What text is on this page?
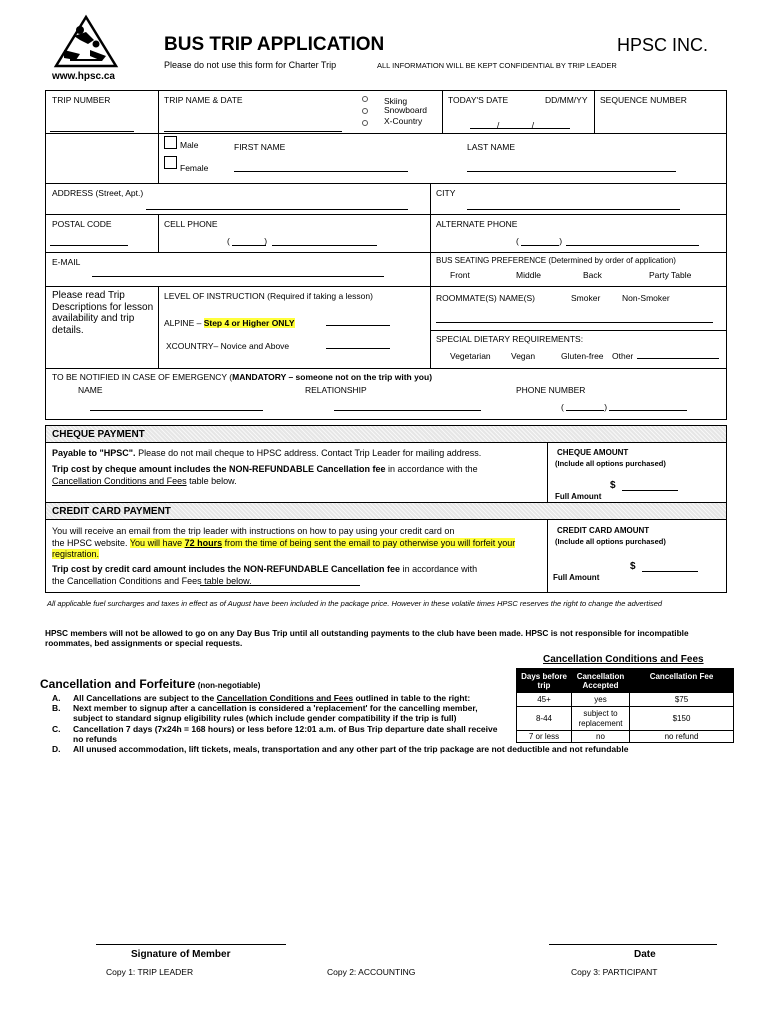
www.hpsc.ca
BUS TRIP APPLICATION	HPSC INC.
Please do not use this form for Charter Trip	ALL INFORMATION WILL BE KEPT CONFIDENTIAL BY TRIP LEADER
TRIP NUMBER	TRIP NAME & DATE	Skiing
Snowboard
X-Country
TODAY'S DATE	DD/MM/YY
/ /
SEQUENCE NUMBER
Male
Female
FIRST NAME	LAST NAME
ADDRESS (Street, Apt.)	CITY
POSTAL CODE	CELL PHONE
( )
ALTERNATE PHONE
( )
E-MAIL	BUS SEATING PREFERENCE (Determined by order of application)
Front	Middle	Back	Party Table
Please read Trip Descriptions for lesson availability and trip details.
LEVEL OF INSTRUCTION (Required if taking a lesson)
ALPINE – Step 4 or Higher ONLY
XCOUNTRY– Novice and Above
ROOMMATE(S) NAME(S)	Smoker	Non-Smoker
SPECIAL DIETARY REQUIREMENTS:
Vegetarian Vegan	Gluten-free Other
TO BE NOTIFIED IN CASE OF EMERGENCY (MANDATORY – someone not on the trip with you)
NAME	RELATIONSHIP	PHONE NUMBER
( )
CHEQUE PAYMENT
Payable to "HPSC". Please do not mail cheque to HPSC address. Contact Trip Leader for mailing address.
Trip cost by cheque amount includes the NON-REFUNDABLE Cancellation fee in accordance with the
Cancellation Conditions and Fees table below.
CHEQUE AMOUNT
(Include all options purchased)
$
Full Amount
CREDIT CARD PAYMENT
You will receive an email from the trip leader with instructions on how to pay using your credit card on
the HPSC website. You will have 72 hours from the time of being sent the email to pay otherwise you will forfeit your
registration.
Trip cost by credit card amount includes the NON-REFUNDABLE Cancellation fee in accordance with
the Cancellation Conditions and Fees table below.
CREDIT CARD AMOUNT
(Include all options purchased)
$
Full Amount
All applicable fuel surcharges and taxes in effect as of August have been included in the package price. However in these volatile times HPSC reserves the right to change the advertised
HPSC members will not be allowed to go on any Day Bus Trip until all outstanding payments to the club have been made. HPSC is not responsible for incompatible
roommates, bed assignments or special requests.
Cancellation Conditions and Fees
Days before trip	Cancellation Accepted	Cancellation Fee
45+	yes	$75
8-44	subject to replacement	$150
7 or less	no	no refund
Cancellation and Forfeiture (non-negotiable)
A. All Cancellations are subject to the Cancellation Conditions and Fees outlined in table to the right:
B. Next member to signup after a cancellation is considered a 'replacement' for the cancelling member,
subject to standard signup eligibility rules (which include gender compatibility if the trip is full)
C. Cancellation 7 days (7x24h = 168 hours) or less before 12:01 a.m. of Bus Trip departure date shall receive
no refunds
D. All unused accommodation, lift tickets, meals, transportation and any other part of the trip package are not deductible and not refundable
Signature of Member	Date
Copy 1: TRIP LEADER	Copy 2: ACCOUNTING	Copy 3: PARTICIPANT
